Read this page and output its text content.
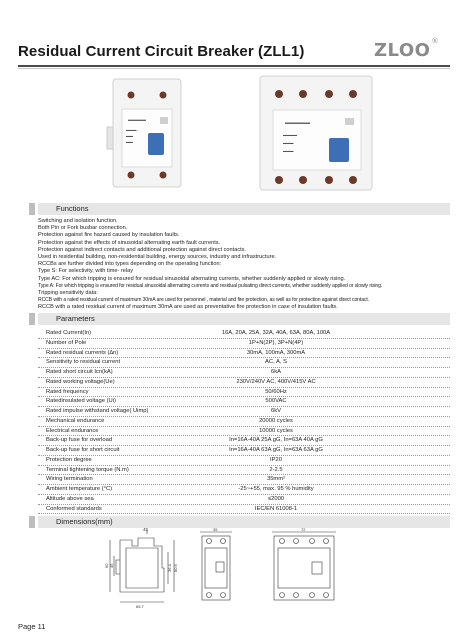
Residual Current Circuit Breaker (ZLL1)	ZLOO®
▬▬▬▬
▬▬▬
▬▬
▬▬
▬▬▬▬▬
▬▬▬▬
▬▬▬
▬▬▬
Functions
Switching and isolation function.
Both Pin or Fork busbar connection.
Protection against fire hazard caused by insulation faults.
Protection against the effects of sinusoidal alternating earth fault currents.
Protection against indirect contacts and additional protection against direct contacts.
Used in residential building, non-residential building, energy sources, industry and infrastructure.
RCCBs are further divided into types depending on the operating function:
Type S: For selectivity, with time- relay
Type AC: For which tripping is ensured for residual sinusoidal alternating currents, whether suddenly applied or slowly rising.
Type A: For which tripping is ensured for residual sinusoidal alternating currents and residual pulsating direct currents, whether suddenly applied or slowly rising.
Tripping sensitivity data:
RCCB with a rated residual current of maximum 30mA are used for personnel , material and fire protection, as well as for protection against direct contact.
RCCB with a rated residual current of maximum 30mA are used as preventative fire protection in case of insulation faults.
Parameters
Rated Current(In)	16A, 20A, 25A, 32A, 40A, 63A, 80A, 100A
Number of Pole	1P+N(2P), 3P+N(4P)
Rated residual currents (∆n)	30mA, 100mA, 300mA
Sensitivity to residual current	AC, A, S
Rated short circuit Icn(kA)	6kA
Rated working voltage(Ue)	230V/240V AC, 400V/415V AC
Rated frequency	50/60Hz
Ratedinsulated voltage (Ui)	500VAC
Rated impulse withstand voltage( Uimp)	6kV
Mechanical endurance	20000 cycles
Electrical endurance	10000 cycles
Back-up fuse for overload	In=16A-40A 25A gG, In=63A 40A gG
Back-up fuse for short circuit	In=16A-40A 63A gG, In=63A 63A gG
Protection degree	IP20
Terminal tightening torque (N.m)	2-2.5
Wiring termination	35mm²
Ambient temperature (°C)	-25~+55, max. 95 % humidity
Altitude above sea	≤2000
Conformed standards	IEC/EN 61008-1
Dimensions(mm)
90 45	36.4 80.6
65.7
35	72
45
Page 11
